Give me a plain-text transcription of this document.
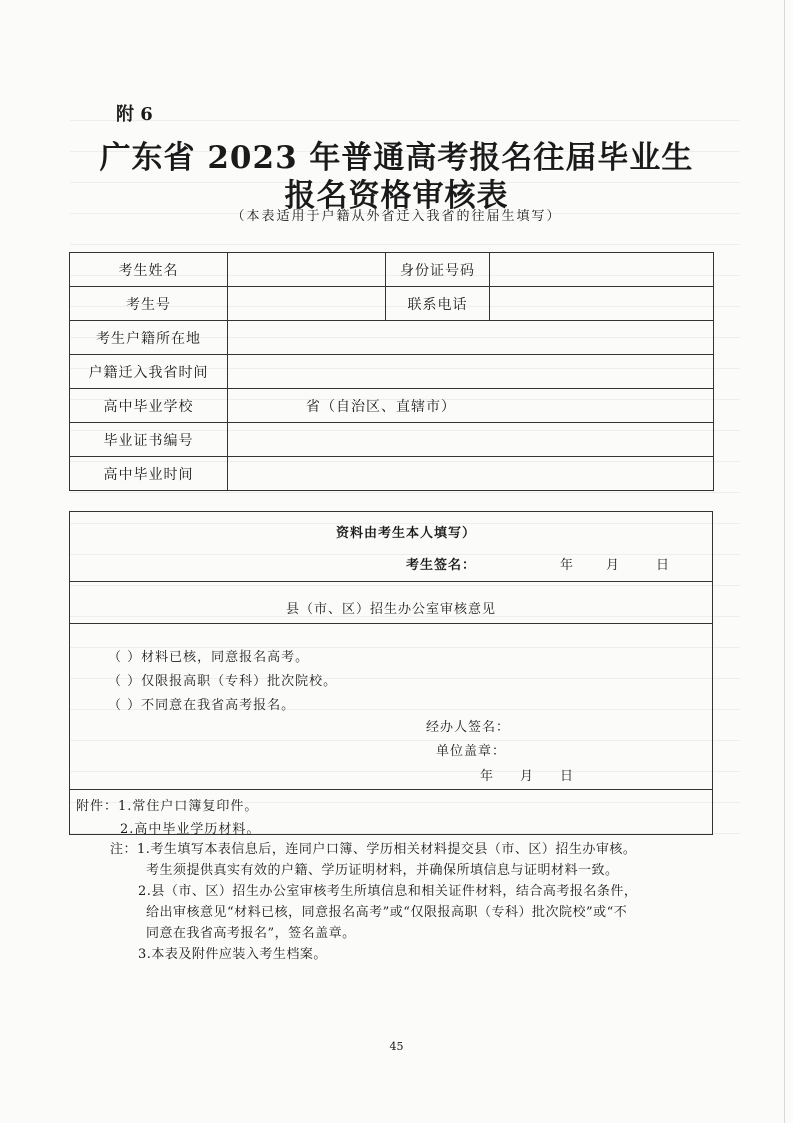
附 6
广东省 2023 年普通高考报名往届毕业生
报名资格审核表
（本表适用于户籍从外省迁入我省的往届生填写）
考生姓名		身份证号码	
考生号		联系电话	
考生户籍所在地			
户籍迁入我省时间			
高中毕业学校	省（自治区、直辖市）		
毕业证书编号			
高中毕业时间			
资料由考生本人填写）
考生签名：	年 月	日
县（市、区）招生办公室审核意见
（ ）材料已核，同意报名高考。
（ ）仅限报高职（专科）批次院校。
（ ）不同意在我省高考报名。
经办人签名：
单位盖章：
年 月 日
附件：1.常住户口簿复印件。
2.高中毕业学历材料。
注：1.考生填写本表信息后，连同户口簿、学历相关材料提交县（市、区）招生办审核。
考生须提供真实有效的户籍、学历证明材料，并确保所填信息与证明材料一致。
2.县（市、区）招生办公室审核考生所填信息和相关证件材料，结合高考报名条件，
给出审核意见“材料已核，同意报名高考”或“仅限报高职（专科）批次院校”或“不
同意在我省高考报名”，签名盖章。
3.本表及附件应装入考生档案。
45
